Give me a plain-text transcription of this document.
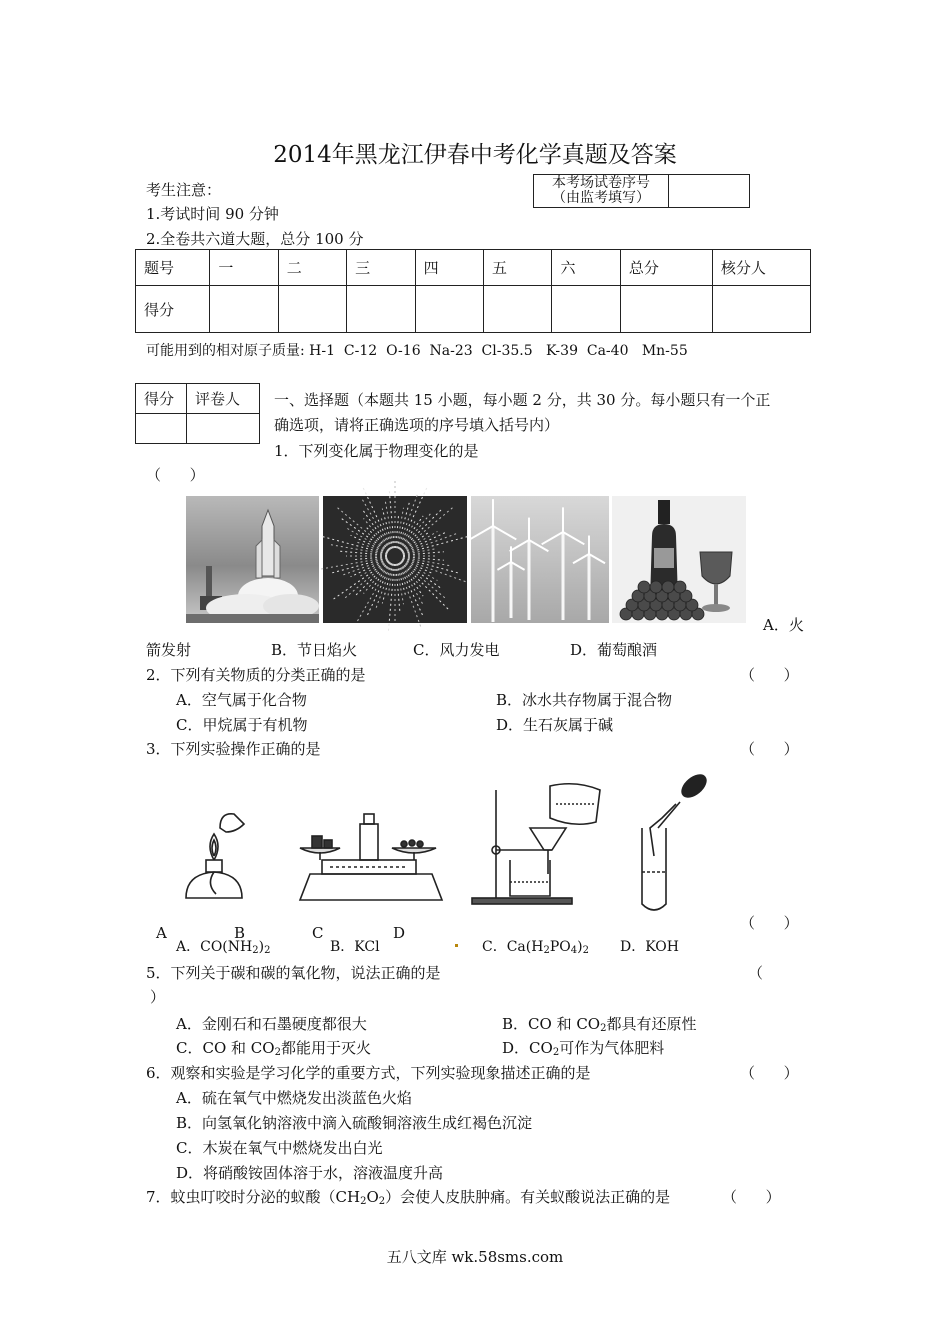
2014年黑龙江伊春中考化学真题及答案
考生注意：
1.考试时间 90 分钟
2.全卷共六道大题，总分 100 分
本考场试卷序号
（由监考填写）

题号	一	二	三	四	五	六	总分	核分人
得分								
可能用到的相对原子质量: H-1  C-12  O-16  Na-23  Cl-35.5   K-39  Ca-40   Mn-55
得分	评卷人
	一、选择题（本题共 15 小题，每小题 2 分，共 30 分。每小题只有一个正
确选项，请将正确选项的序号填入括号内）
1．下列变化属于物理变化的是
（      ）
A．火
箭发射	B．节日焰火	C．风力发电	D．葡萄酿酒
2．下列有关物质的分类正确的是	（      ）
A．空气属于化合物	B．冰水共存物属于混合物
C．甲烷属于有机物	D．生石灰属于碱
3．下列实验操作正确的是	（      ）
A	B	C	D
（      ）
A．$CO(NH_2)_2$	B．KCl	C．$Ca(H_2PO_4)_2$ D．KOH
5．下列关于碳和碳的氧化物，说法正确的是	（
）
A．金刚石和石墨硬度都很大	B．CO 和 $CO_2$都具有还原性
C．CO 和 $CO_2$都能用于灭火	D．$CO_2$可作为气体肥料
6．观察和实验是学习化学的重要方式，下列实验现象描述正确的是	（      ）
A．硫在氧气中燃烧发出淡蓝色火焰
B．向氢氧化钠溶液中滴入硫酸铜溶液生成红褐色沉淀
C．木炭在氧气中燃烧发出白光
D．将硝酸铵固体溶于水，溶液温度升高
7．蚊虫叮咬时分泌的蚁酸$(CH_2O_2)$会使人皮肤肿痛。有关蚁酸说法正确的是	（      ）
五八文库 wk.58sms.com
